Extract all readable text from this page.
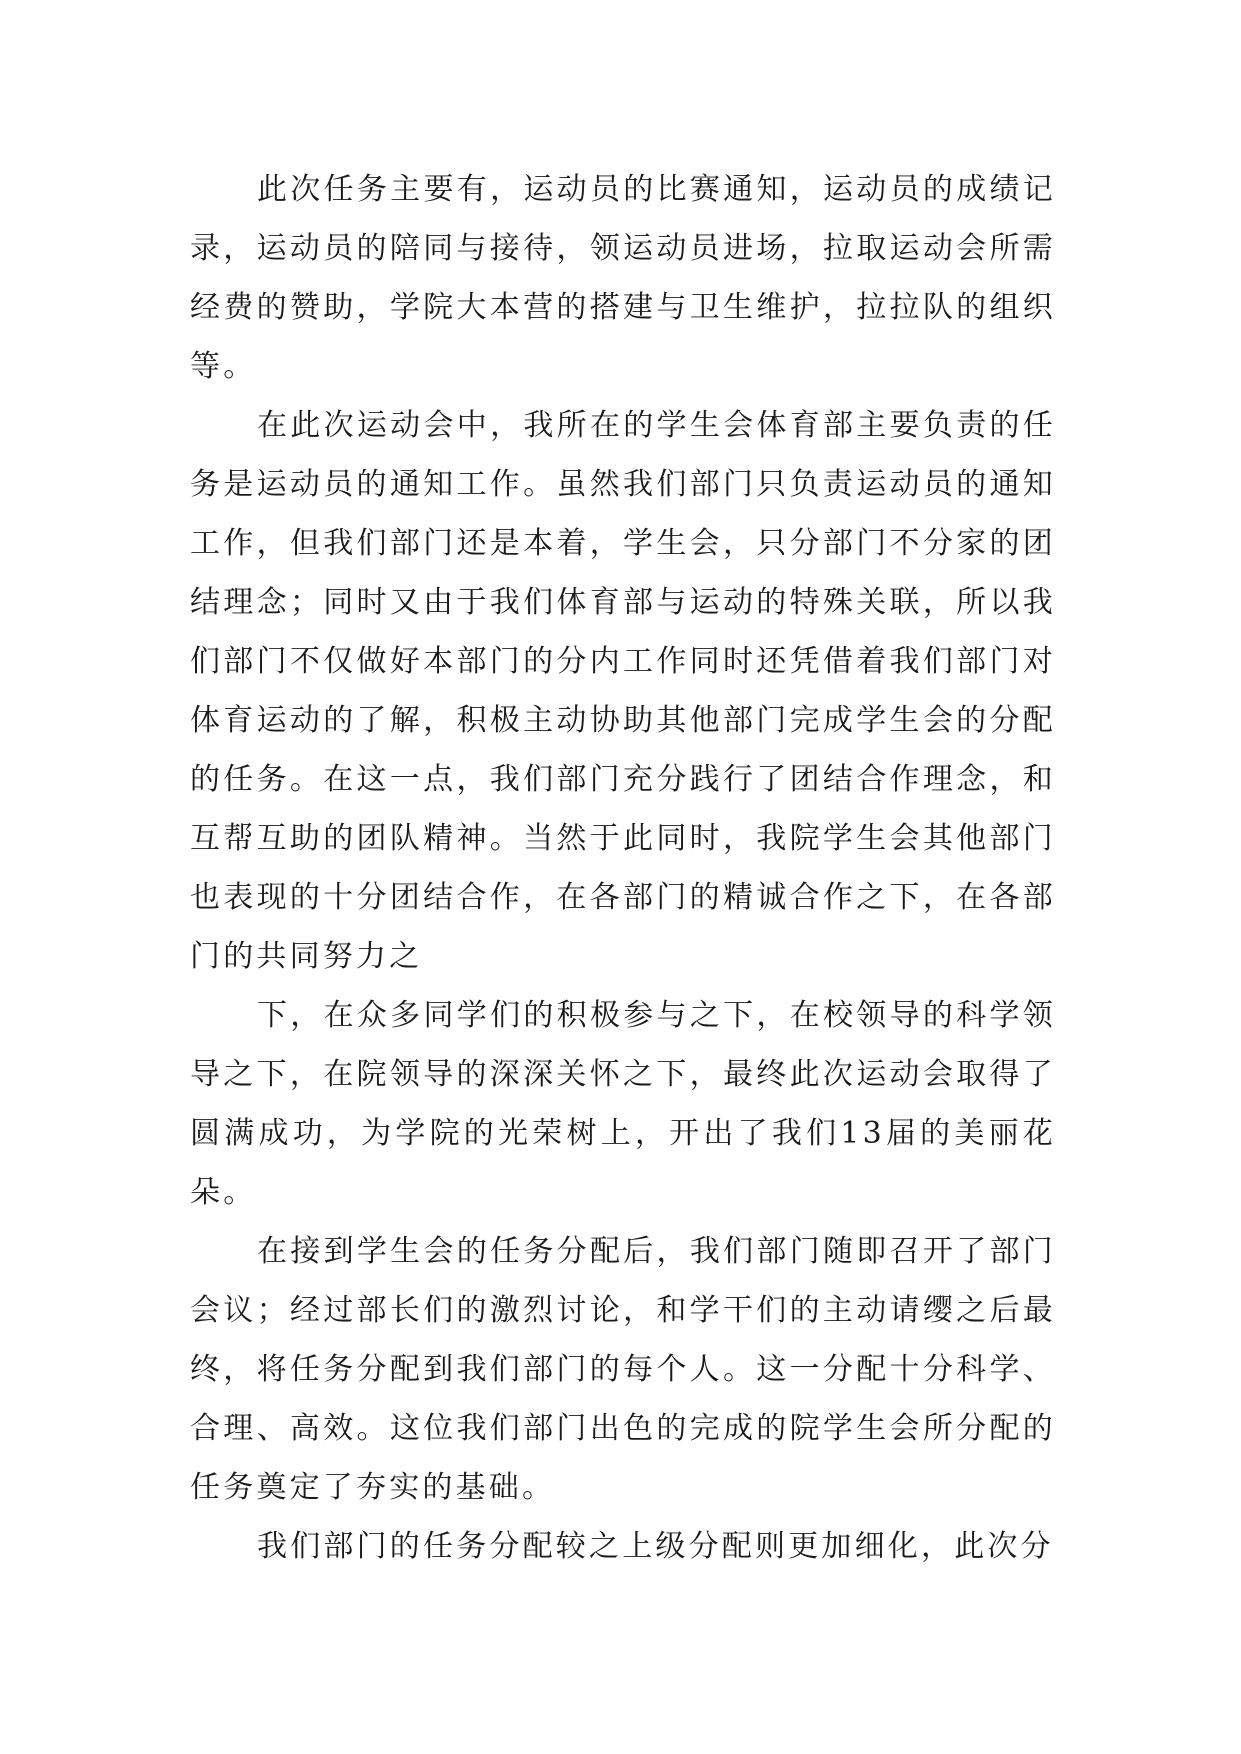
此次任务主要有，运动员的比赛通知，运动员的成绩记录，运动员的陪同与接待，领运动员进场，拉取运动会所需经费的赞助，学院大本营的搭建与卫生维护，拉拉队的组织等。

在此次运动会中，我所在的学生会体育部主要负责的任务是运动员的通知工作。虽然我们部门只负责运动员的通知工作，但我们部门还是本着，学生会，只分部门不分家的团结理念；同时又由于我们体育部与运动的特殊关联，所以我们部门不仅做好本部门的分内工作同时还凭借着我们部门对体育运动的了解，积极主动协助其他部门完成学生会的分配的任务。在这一点，我们部门充分践行了团结合作理念，和互帮互助的团队精神。当然于此同时，我院学生会其他部门也表现的十分团结合作，在各部门的精诚合作之下，在各部门的共同努力之

下，在众多同学们的积极参与之下，在校领导的科学领导之下，在院领导的深深关怀之下，最终此次运动会取得了圆满成功，为学院的光荣树上，开出了我们13届的美丽花朵。

在接到学生会的任务分配后，我们部门随即召开了部门会议；经过部长们的激烈讨论，和学干们的主动请缨之后最终，将任务分配到我们部门的每个人。这一分配十分科学、合理、高效。这位我们部门出色的完成的院学生会所分配的任务奠定了夯实的基础。

我们部门的任务分配较之上级分配则更加细化，此次分
